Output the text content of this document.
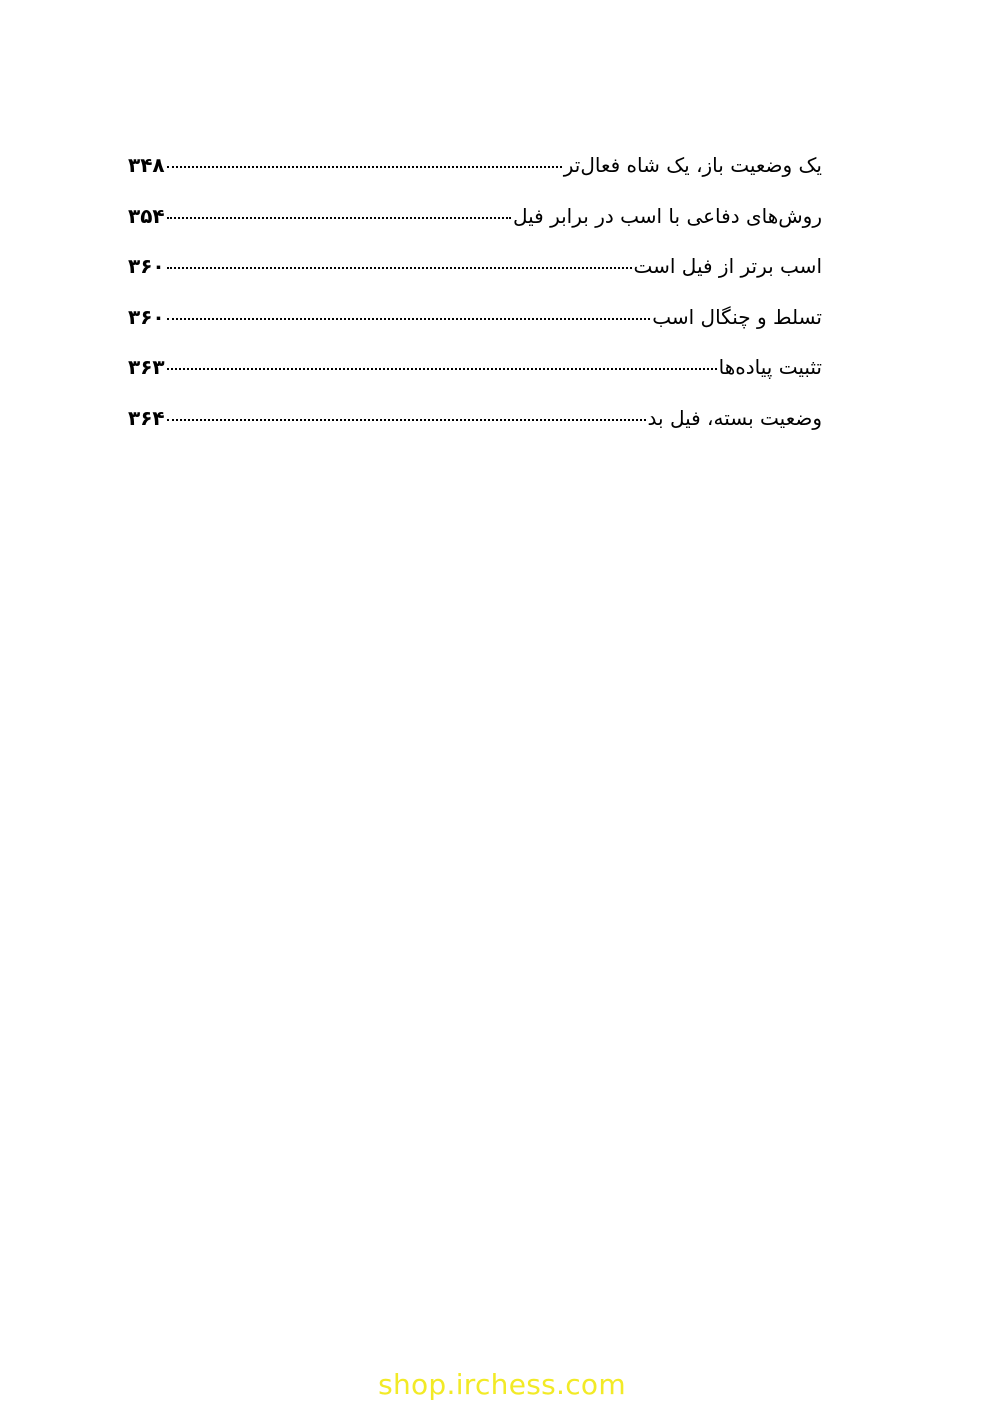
یک وضعیت باز، یک شاه فعال‌تر
۳۴۸
روش‌های دفاعی با اسب در برابر فیل
۳۵۴
اسب برتر از فیل است
۳۶۰
تسلط و چنگال اسب
۳۶۰
تثبیت پیاده‌ها
۳۶۳
وضعیت بسته، فیل بد
۳۶۴
shop.irchess.com
